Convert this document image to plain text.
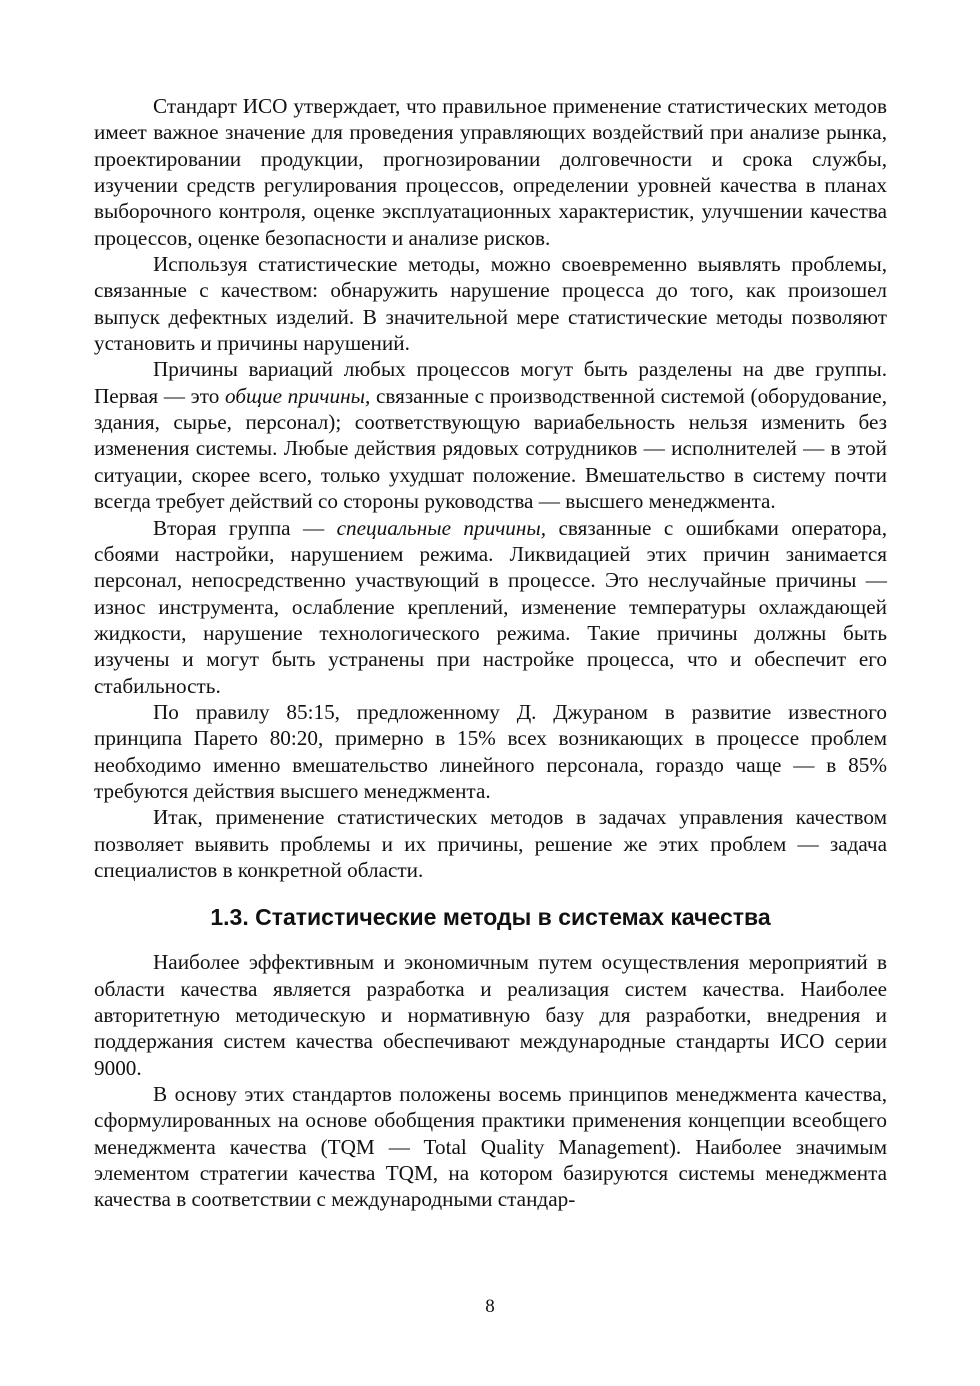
Стандарт ИСО утверждает, что правильное применение статистических методов имеет важное значение для проведения управляющих воздействий при анализе рынка, проектировании продукции, прогнозировании долговечности и срока службы, изучении средств регулирования процессов, определении уровней качества в планах выборочного контроля, оценке эксплуатационных характеристик, улучшении качества процессов, оценке безопасности и анализе рисков.

Используя статистические методы, можно своевременно выявлять проблемы, связанные с качеством: обнаружить нарушение процесса до того, как произошел выпуск дефектных изделий. В значительной мере статистические методы позволяют установить и причины нарушений.

Причины вариаций любых процессов могут быть разделены на две группы. Первая — это общие причины, связанные с производственной системой (оборудование, здания, сырье, персонал); соответствующую вариабельность нельзя изменить без изменения системы. Любые действия рядовых сотрудников — исполнителей — в этой ситуации, скорее всего, только ухудшат положение. Вмешательство в систему почти всегда требует действий со стороны руководства — высшего менеджмента.

Вторая группа — специальные причины, связанные с ошибками оператора, сбоями настройки, нарушением режима. Ликвидацией этих причин занимается персонал, непосредственно участвующий в процессе. Это неслучайные причины — износ инструмента, ослабление креплений, изменение температуры охлаждающей жидкости, нарушение технологического режима. Такие причины должны быть изучены и могут быть устранены при настройке процесса, что и обеспечит его стабильность.

По правилу 85:15, предложенному Д. Джураном в развитие известного принципа Парето 80:20, примерно в 15% всех возникающих в процессе проблем необходимо именно вмешательство линейного персонала, гораздо чаще — в 85% требуются действия высшего менеджмента.

Итак, применение статистических методов в задачах управления качеством позволяет выявить проблемы и их причины, решение же этих проблем — задача специалистов в конкретной области.

1.3. Статистические методы в системах качества

Наиболее эффективным и экономичным путем осуществления мероприятий в области качества является разработка и реализация систем качества. Наиболее авторитетную методическую и нормативную базу для разработки, внедрения и поддержания систем качества обеспечивают международные стандарты ИСО серии 9000.

В основу этих стандартов положены восемь принципов менеджмента качества, сформулированных на основе обобщения практики применения концепции всеобщего менеджмента качества (TQM — Total Quality Management). Наиболее значимым элементом стратегии качества TQM, на котором базируются системы менеджмента качества в соответствии с международными стандар-

8
